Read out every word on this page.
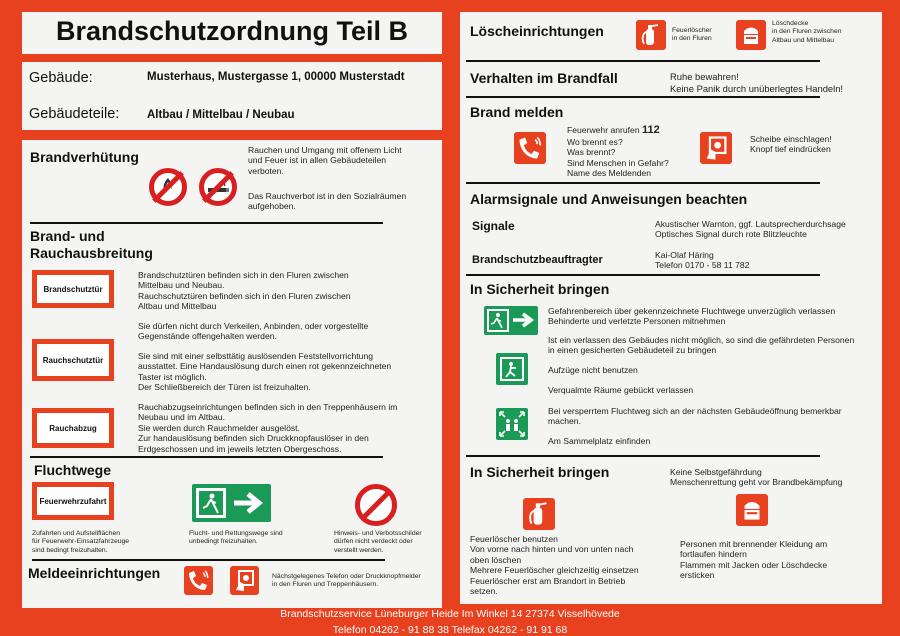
Brandschutzordnung Teil B
Gebäude:	Musterhaus, Mustergasse 1, 00000 Musterstadt
Gebäudeteile: Altbau / Mittelbau / Neubau
Brandverhütung	Rauchen und Umgang mit offenem Licht
und Feuer ist in allen Gebäudeteilen
verboten.
Das Rauchverbot ist in den Sozialräumen
aufgehoben.
Brand- und
Rauchausbreitung
Brandschutztür
Brandschutztüren befinden sich in den Fluren zwischen
Mittelbau und Neubau.
Rauchschutztüren befinden sich in den Fluren zwischen
Altbau und Mittelbau
Sie dürfen nicht durch Verkeilen, Anbinden, oder vorgestellte
Gegenstände offengehalten werden.
Rauchschutztür	Sie sind mit einer selbsttätig auslösenden Feststellvorrichtung
ausstattet. Eine Handauslösung durch einen rot gekennzeichneten
Taster ist möglich.
Der Schließbereich der Türen ist freizuhalten.
Rauchabzug
Rauchabzugseinrichtungen befinden sich in den Treppenhäusern im
Neubau und im Altbau.
Sie werden durch Rauchmelder ausgelöst.
Zur handauslösung befinden sich Druckknopfauslöser in den
Erdgeschossen und im jeweils letzten Obergeschoss.
Fluchtwege
Feuerwehrzufahrt
Zufahrten und Aufstellflächen
für Feuerwehr-Einsatzfahrzeuge
sind bedingt freizuhalten.
Flucht- und Rettungswege sind
unbedingt freizuhalten.
Hinweis- und Verbotsschilder
dürfen nicht verdeckt oder
verstellt werden.
Meldeeinrichtungen	Nächstgelegenes Telefon oder Druckknopfmelder
in den Fluren und Treppenhäusern.
Löscheinrichtungen	Feuerlöscher
in den Fluren
Löschdecke
in den Fluren zwischen
Altbau und Mittelbau
Verhalten im Brandfall	Ruhe bewahren!
Keine Panik durch unüberlegtes Handeln!
Brand melden
Feuerwehr anrufen 112
Wo brennt es?
Was brennt?
Sind Menschen in Gefahr?
Name des Meldenden
Scheibe einschlagen!
Knopf tief eindrücken
Alarmsignale und Anweisungen beachten
Signale	Akustischer Warnton, ggf. Lautsprecherdurchsage
Optisches Signal durch rote Blitzleuchte
Brandschutzbeauftragter	Kai-Olaf Häring
Telefon 0170 - 58 11 782
In Sicherheit bringen
Gefahrenbereich über gekennzeichnete Fluchtwege unverzüglich verlassen
Behinderte und verletzte Personen mitnehmen
Ist ein verlassen des Gebäudes nicht möglich, so sind die gefährdeten Personen
in einen gesicherten Gebäudeteil zu bringen
Aufzüge nicht benutzen
Verqualmte Räume gebückt verlassen
Bei versperrtem Fluchtweg sich an der nächsten Gebäudeöffnung bemerkbar
machen.
Am Sammelplatz einfinden
In Sicherheit bringen	Keine Selbstgefährdung
Menschenrettung geht vor Brandbekämpfung
Feuerlöscher benutzen
Von vorne nach hinten und von unten nach
oben löschen
Mehrere Feuerlöscher gleichzeitig einsetzen
Feuerlöscher erst am Brandort in Betrieb
setzen.
Personen mit brennender Kleidung am
fortlaufen hindern
Flammen mit Jacken oder Löschdecke
ersticken
Brandschutzservice Lüneburger Heide Im Winkel 14 27374 Visselhövede
Telefon 04262 - 91 88 38 Telefax 04262 - 91 91 68
